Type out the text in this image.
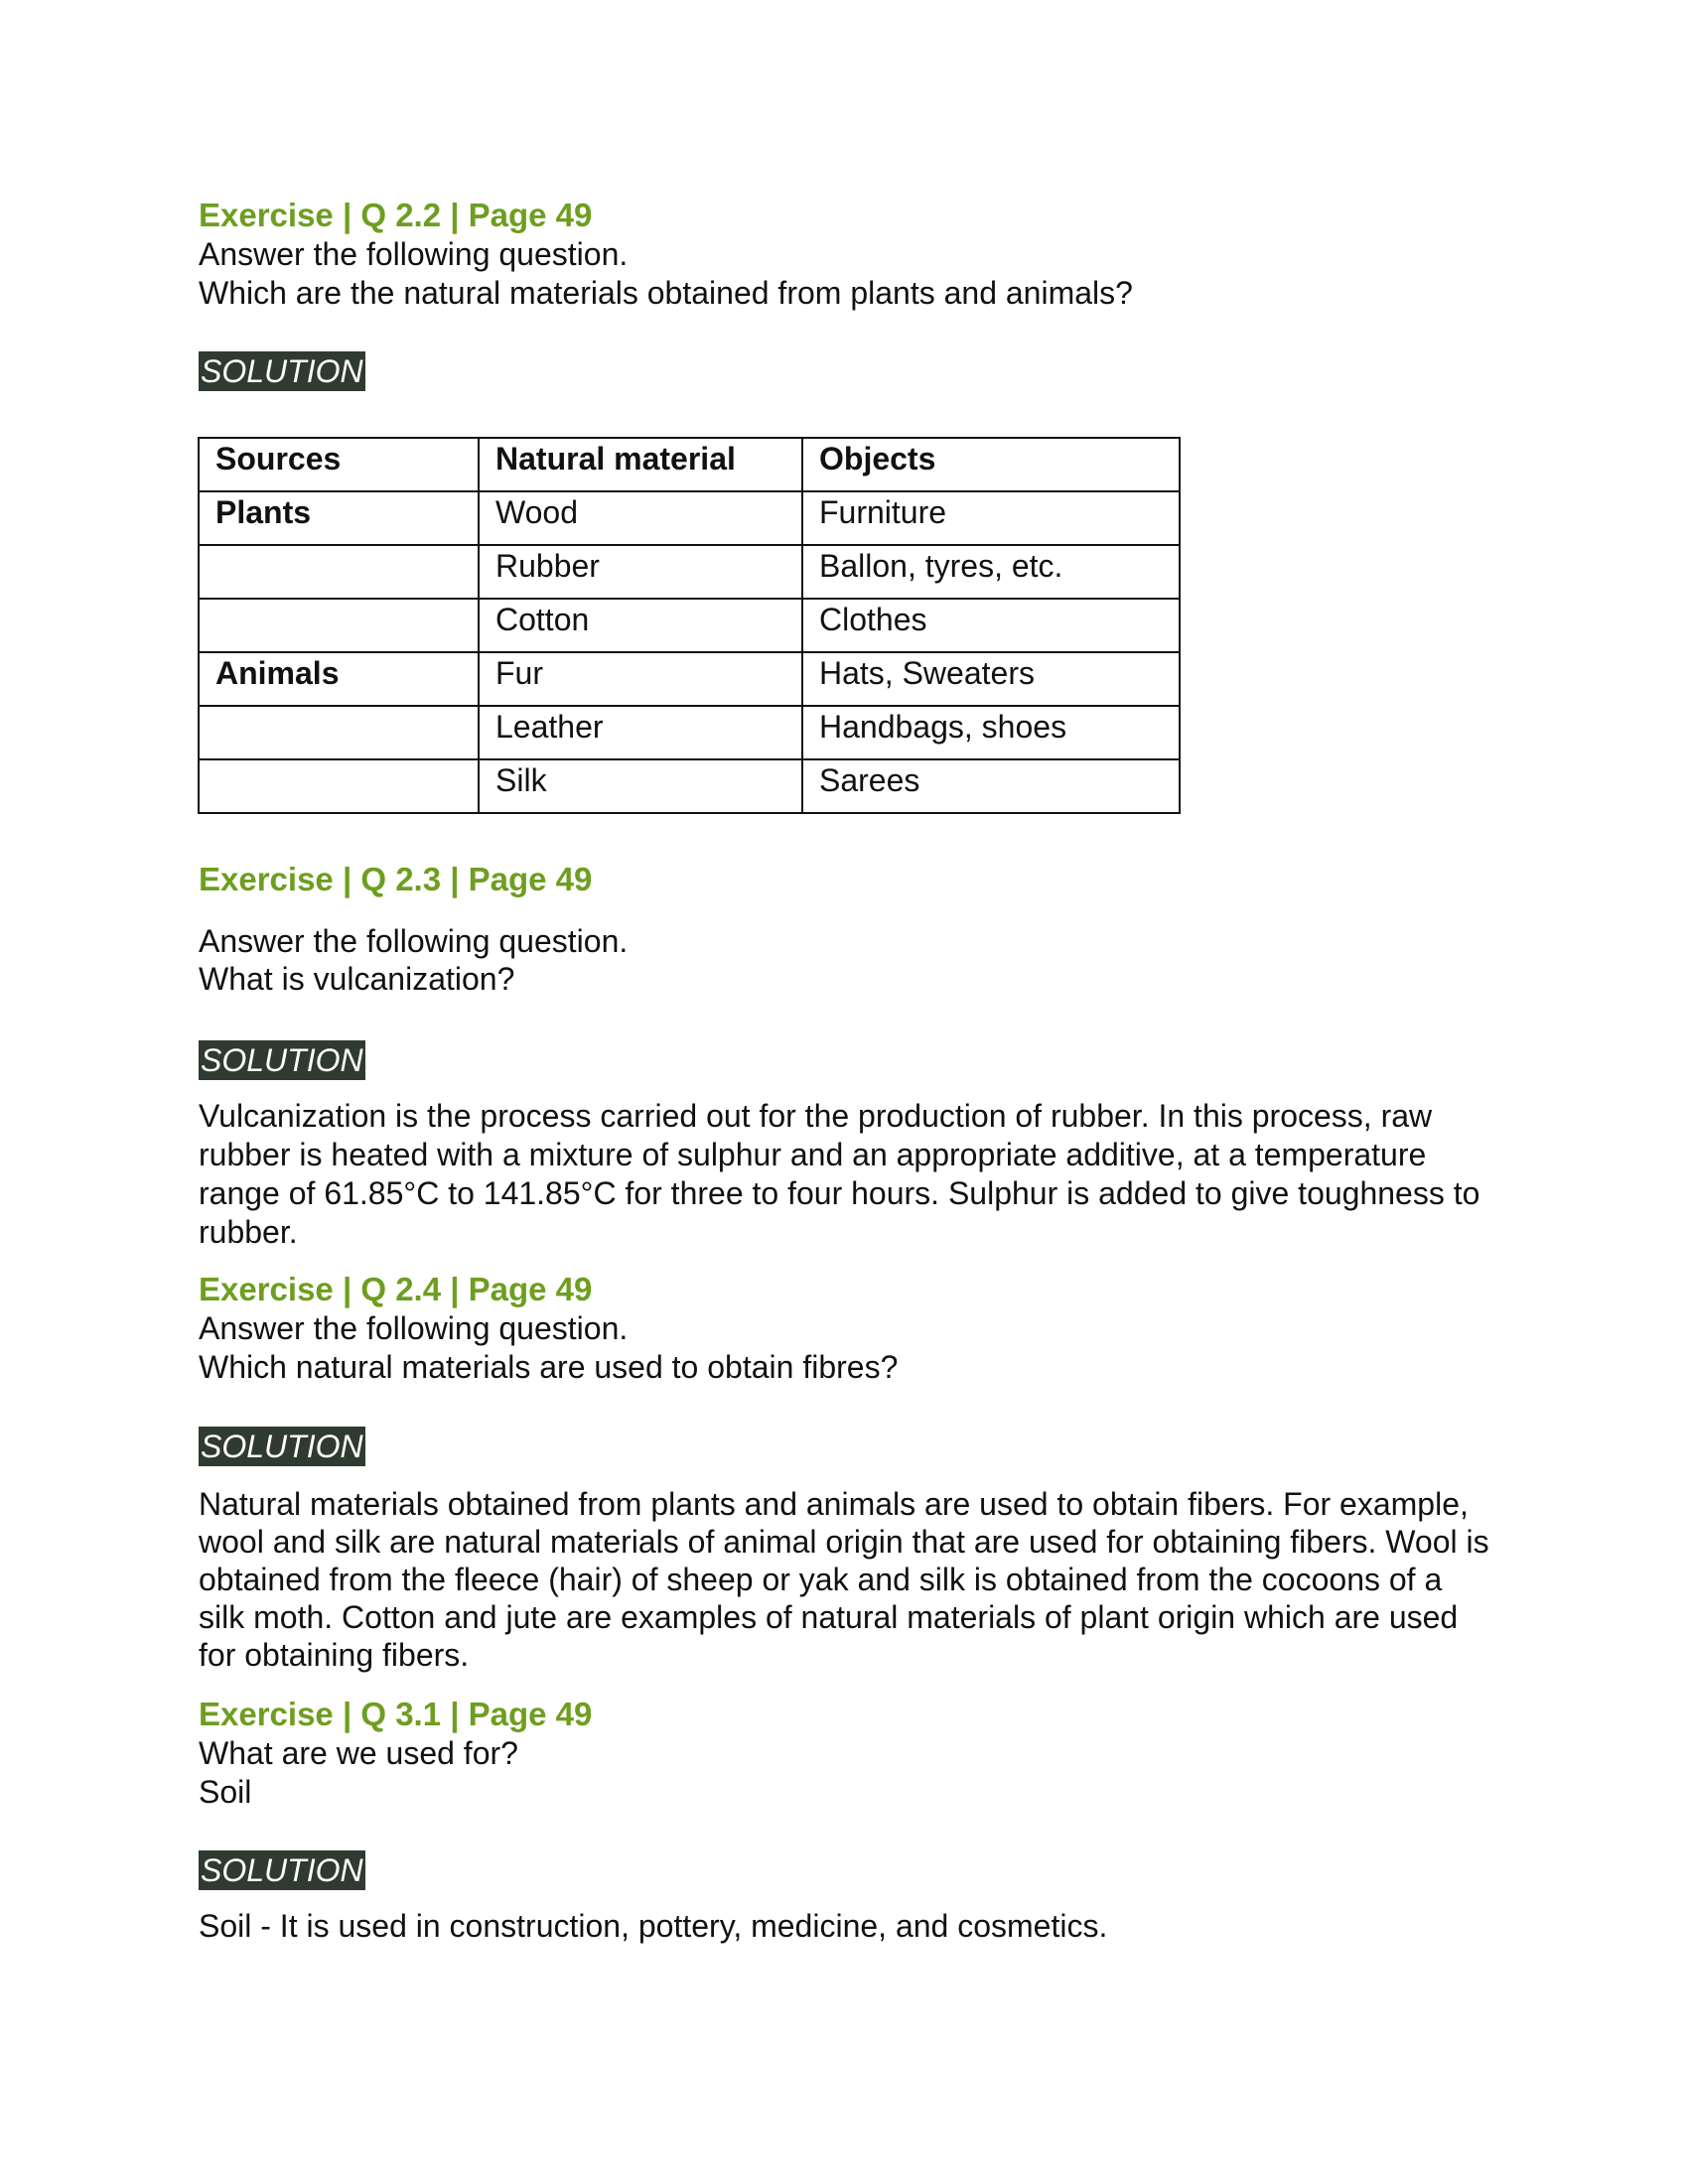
Exercise | Q 2.2 | Page 49

Answer the following question.

Which are the natural materials obtained from plants and animals?

SOLUTION
Sources	Natural material	Objects
Plants	Wood	Furniture
	Rubber	Ballon, tyres, etc.
	Cotton	Clothes
Animals	Fur	Hats, Sweaters
	Leather	Handbags, shoes
	Silk	Sarees

Exercise | Q 2.3 | Page 49

Answer the following question.

What is vulcanization?

SOLUTION

Vulcanization is the process carried out for the production of rubber. In this process, raw rubber is heated with a mixture of sulphur and an appropriate additive, at a temperature range of 61.85°C to 141.85°C for three to four hours. Sulphur is added to give toughness to rubber.

Exercise | Q 2.4 | Page 49

Answer the following question.

Which natural materials are used to obtain fibres?

SOLUTION

Natural materials obtained from plants and animals are used to obtain fibers. For example, wool and silk are natural materials of animal origin that are used for obtaining fibers. Wool is obtained from the fleece (hair) of sheep or yak and silk is obtained from the cocoons of a silk moth. Cotton and jute are examples of natural materials of plant origin which are used for obtaining fibers.

Exercise | Q 3.1 | Page 49

What are we used for?

Soil

SOLUTION

Soil - It is used in construction, pottery, medicine, and cosmetics.
